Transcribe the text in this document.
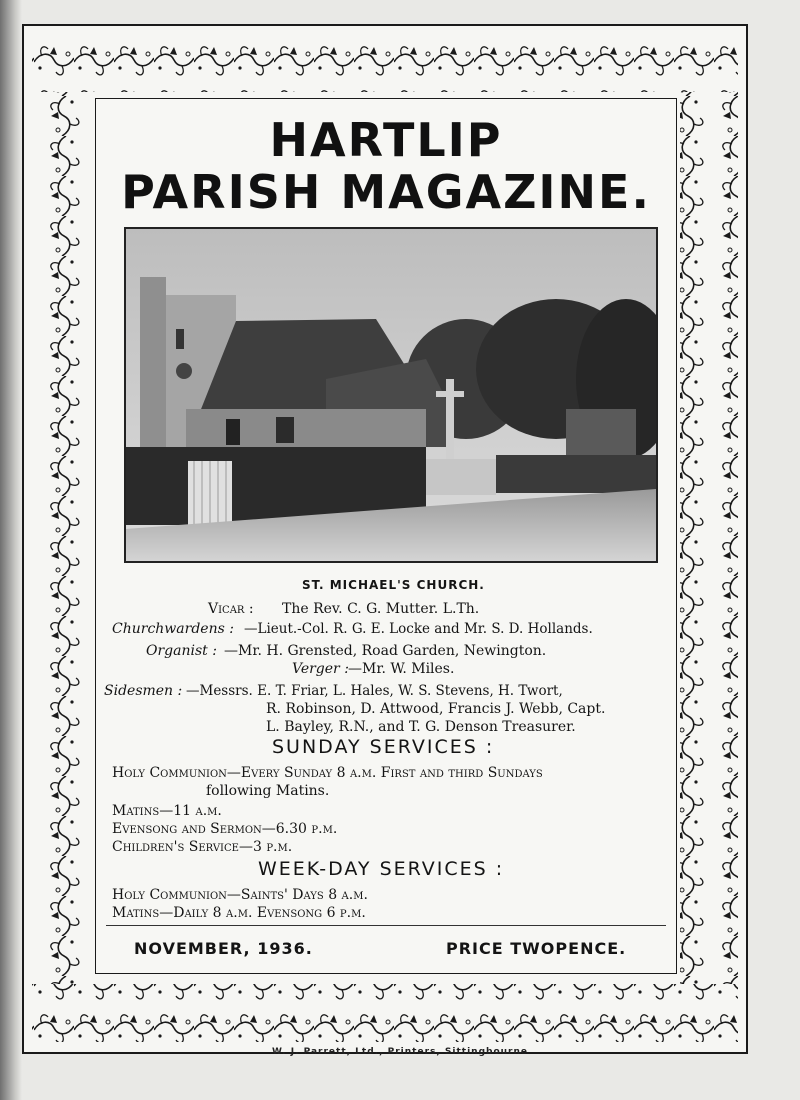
HARTLIP
PARISH MAGAZINE.
ST. MICHAEL'S CHURCH.
Vicar : The Rev. C. G. Mutter. L.Th.
Churchwardens : —Lieut.-Col. R. G. E. Locke and Mr. S. D. Hollands.
Organist : —Mr. H. Grensted, Road Garden, Newington.
Verger : —Mr. W. Miles.
Sidesmen : —Messrs. E. T. Friar, L. Hales, W. S. Stevens, H. Twort,
R. Robinson, D. Attwood, Francis J. Webb, Capt.
L. Bayley, R.N., and T. G. Denson Treasurer.
SUNDAY SERVICES :
Holy Communion—Every Sunday 8 a.m. First and third Sundays
following Matins.
Matins—11 a.m.
Evensong and Sermon—6.30 p.m.
Children's Service—3 p.m.
WEEK-DAY SERVICES :
Holy Communion—Saints' Days 8 a.m.
Matins—Daily 8 a.m. Evensong 6 p.m.
NOVEMBER, 1936.	PRICE TWOPENCE.
W. J. Parrett, Ltd., Printers, Sittingbourne
